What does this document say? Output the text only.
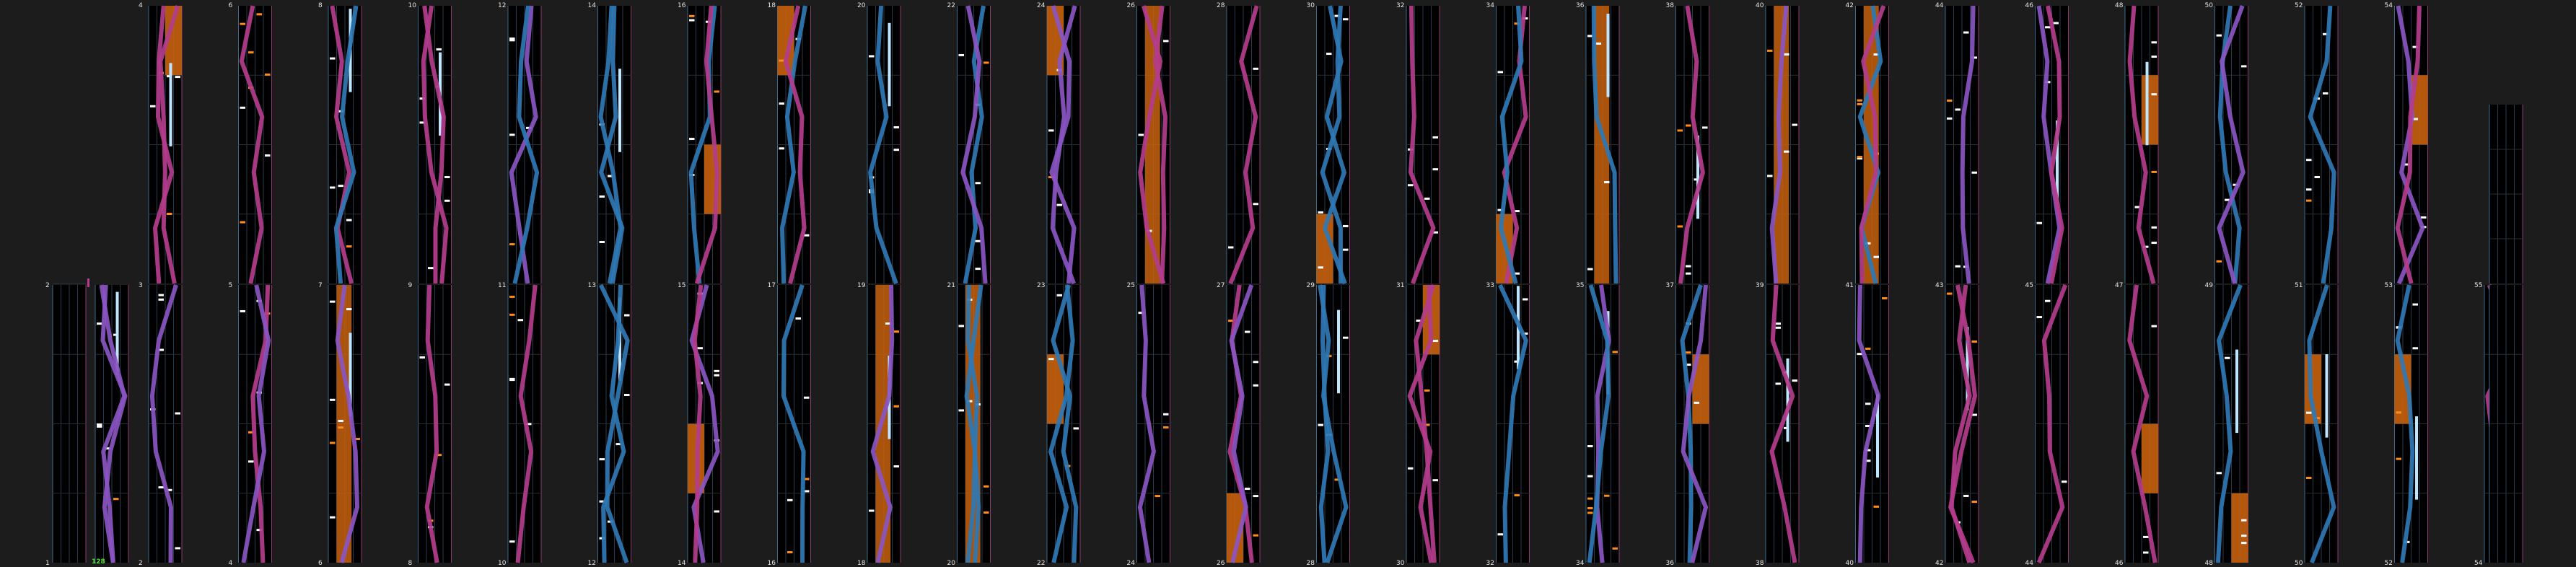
4	6	8	10	12	14	16	18	20	22	24	26	28	30	32	34	36	38	40	42	44	46	48	50	52	54
2	3	5	7	9	11	13	15	17	19	21	23	25	27	29	31	33	35	37	39	41	43	45	47	49	51	53	55
1	2	4	6	8	10	12	14	16	18	20	22	24	26	28	30	32	34	36	38	40	42	44	46	48	50	52	54
128
